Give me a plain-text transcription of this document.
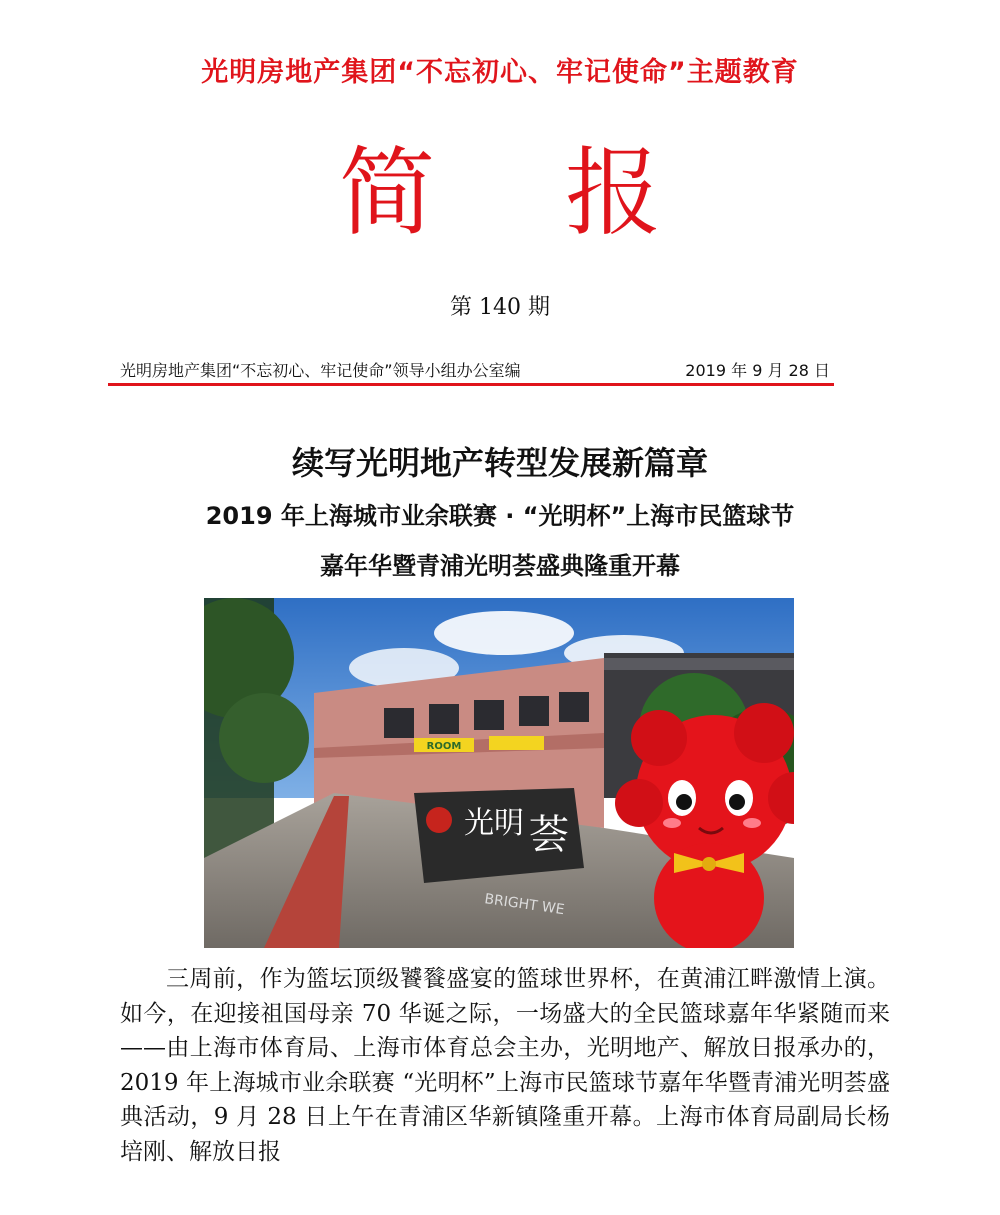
光明房地产集团“不忘初心、牢记使命”主题教育
简报
第 140 期
光明房地产集团“不忘初心、牢记使命”领导小组办公室编	2019 年 9 月 28 日
续写光明地产转型发展新篇章
2019 年上海城市业余联赛 · “光明杯”上海市民篮球节
嘉年华暨青浦光明荟盛典隆重开幕
ROOM
光明 荟
BRIGHT WE

三周前，作为篮坛顶级饕餮盛宴的篮球世界杯，在黄浦江畔激情上演。如今，在迎接祖国母亲 70 华诞之际，一场盛大的全民篮球嘉年华紧随而来——由上海市体育局、上海市体育总会主办，光明地产、解放日报承办的，2019 年上海城市业余联赛 “光明杯”上海市民篮球节嘉年华暨青浦光明荟盛典活动，9 月 28 日上午在青浦区华新镇隆重开幕。上海市体育局副局长杨培刚、解放日报
